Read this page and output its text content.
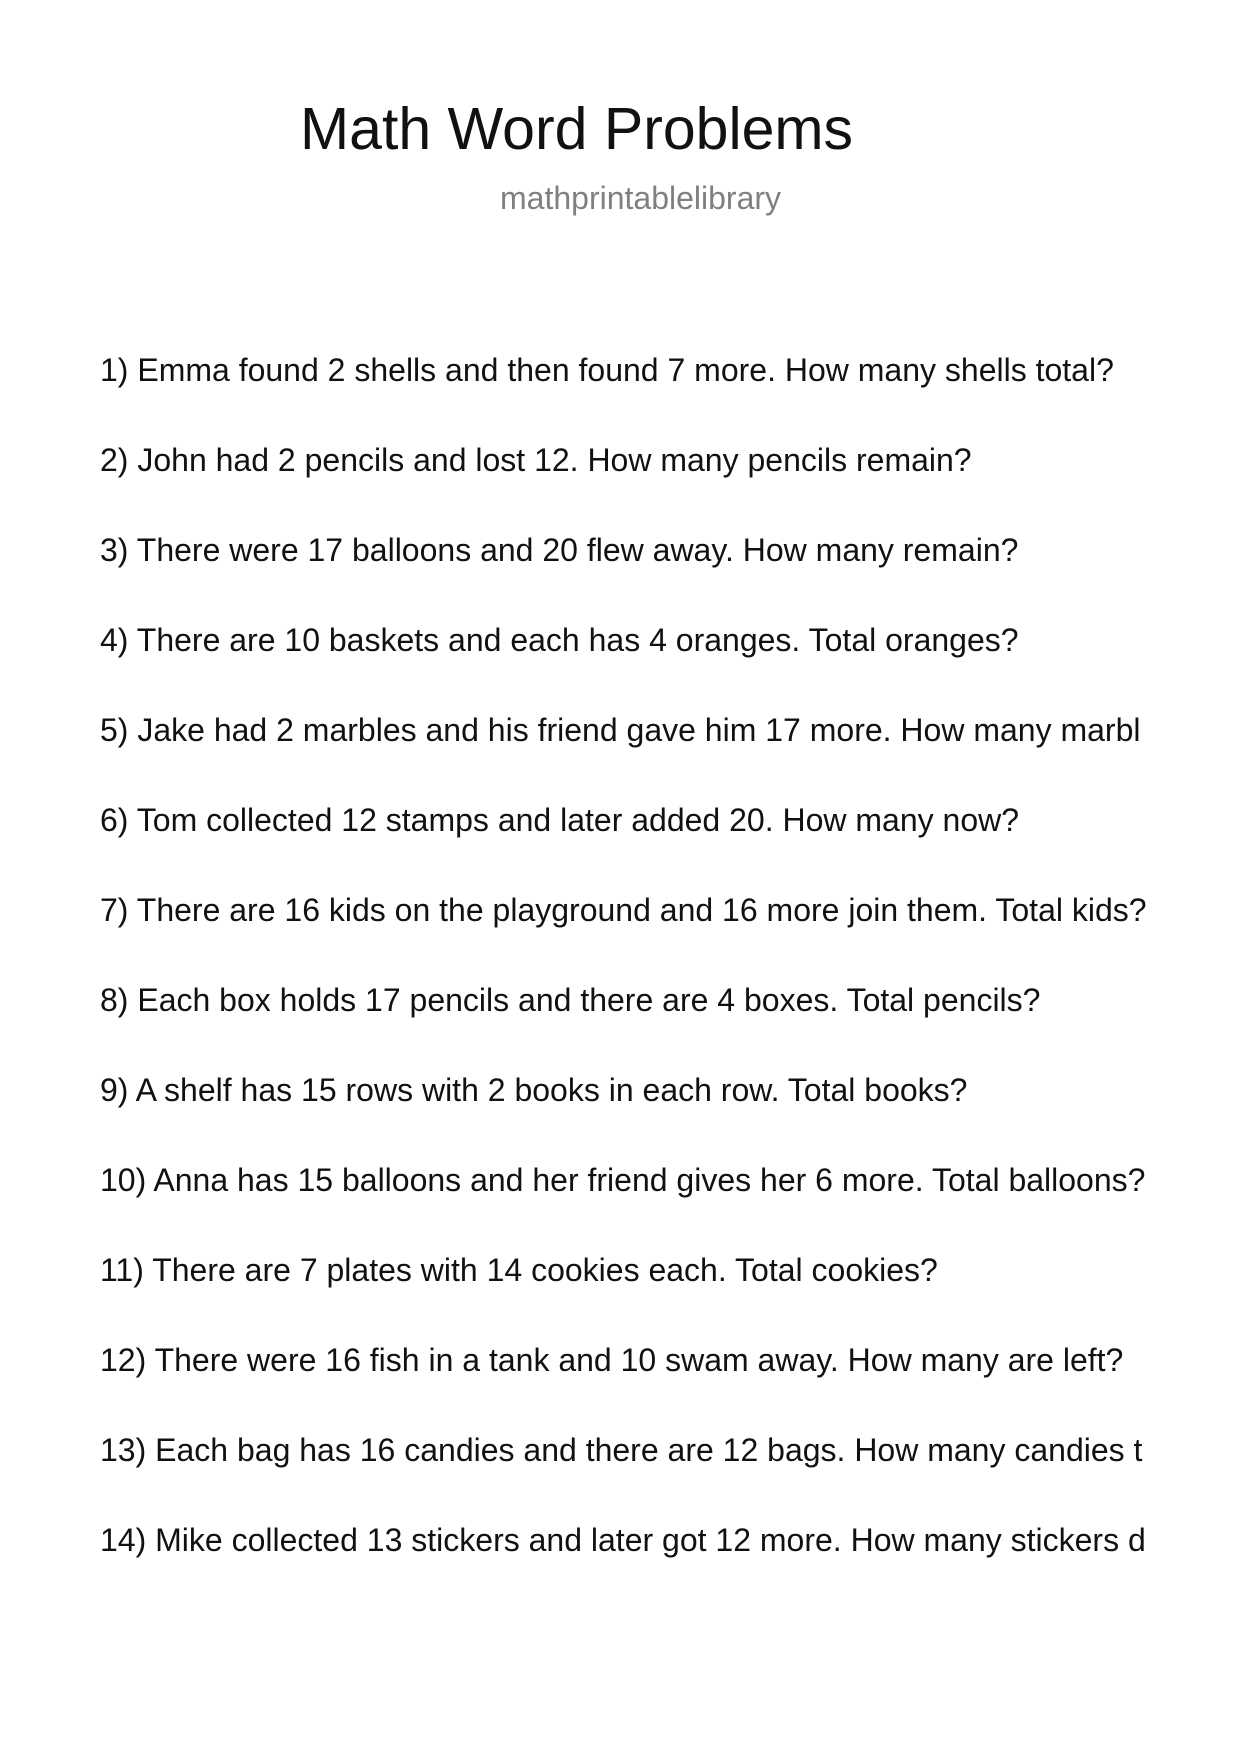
Math Word Problems
mathprintablelibrary
1) Emma found 2 shells and then found 7 more. How many shells total?
2) John had 2 pencils and lost 12. How many pencils remain?
3) There were 17 balloons and 20 flew away. How many remain?
4) There are 10 baskets and each has 4 oranges. Total oranges?
5) Jake had 2 marbles and his friend gave him 17 more. How many marbl
6) Tom collected 12 stamps and later added 20. How many now?
7) There are 16 kids on the playground and 16 more join them. Total kids?
8) Each box holds 17 pencils and there are 4 boxes. Total pencils?
9) A shelf has 15 rows with 2 books in each row. Total books?
10) Anna has 15 balloons and her friend gives her 6 more. Total balloons?
11) There are 7 plates with 14 cookies each. Total cookies?
12) There were 16 fish in a tank and 10 swam away. How many are left?
13) Each bag has 16 candies and there are 12 bags. How many candies t
14) Mike collected 13 stickers and later got 12 more. How many stickers d
